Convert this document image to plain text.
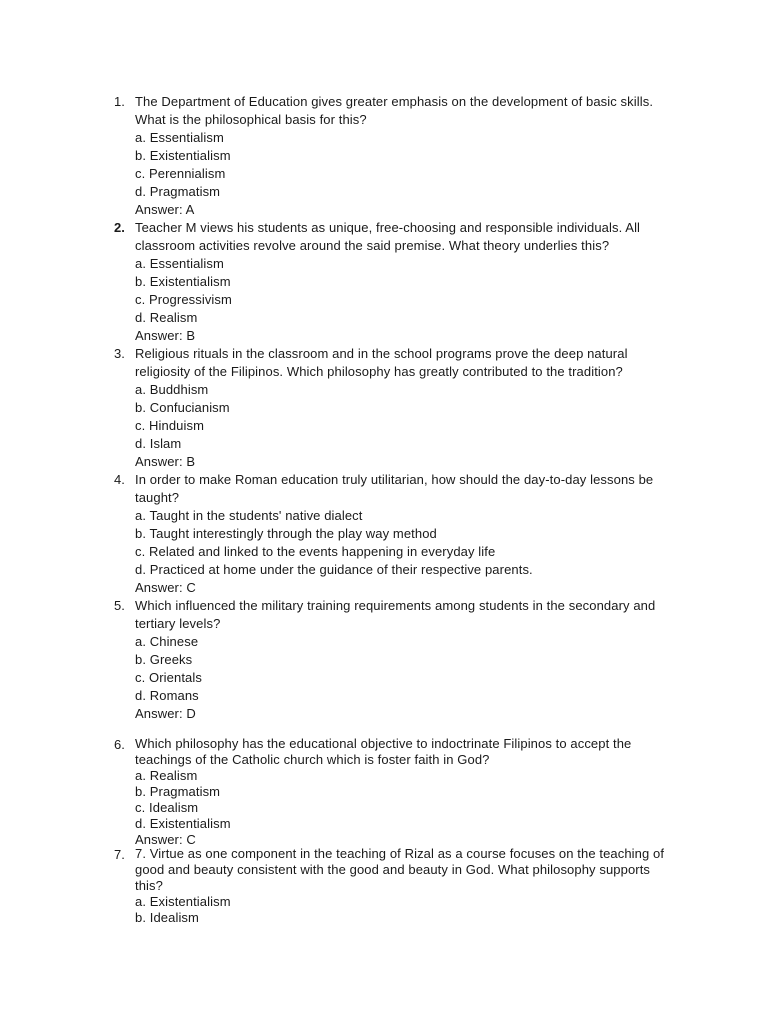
1. The Department of Education gives greater emphasis on the development of basic skills.
What is the philosophical basis for this?
a. Essentialism
b. Existentialism
c. Perennialism
d. Pragmatism
Answer: A
2. Teacher M views his students as unique, free-choosing and responsible individuals. All
classroom activities revolve around the said premise. What theory underlies this?
a. Essentialism
b. Existentialism
c. Progressivism
d. Realism
Answer: B
3. Religious rituals in the classroom and in the school programs prove the deep natural
religiosity of the Filipinos. Which philosophy has greatly contributed to the tradition?
a. Buddhism
b. Confucianism
c. Hinduism
d. Islam
Answer: B
4. In order to make Roman education truly utilitarian, how should the day-to-day lessons be
taught?
a. Taught in the students' native dialect
b. Taught interestingly through the play way method
c. Related and linked to the events happening in everyday life
d. Practiced at home under the guidance of their respective parents.
Answer: C
5. Which influenced the military training requirements among students in the secondary and
tertiary levels?
a. Chinese
b. Greeks
c. Orientals
d. Romans
Answer: D
6. Which philosophy has the educational objective to indoctrinate Filipinos to accept the
teachings of the Catholic church which is foster faith in God?
a. Realism
b. Pragmatism
c. Idealism
d. Existentialism
Answer: C
7. 7. Virtue as one component in the teaching of Rizal as a course focuses on the teaching of
good and beauty consistent with the good and beauty in God. What philosophy supports
this?
a. Existentialism
b. Idealism
